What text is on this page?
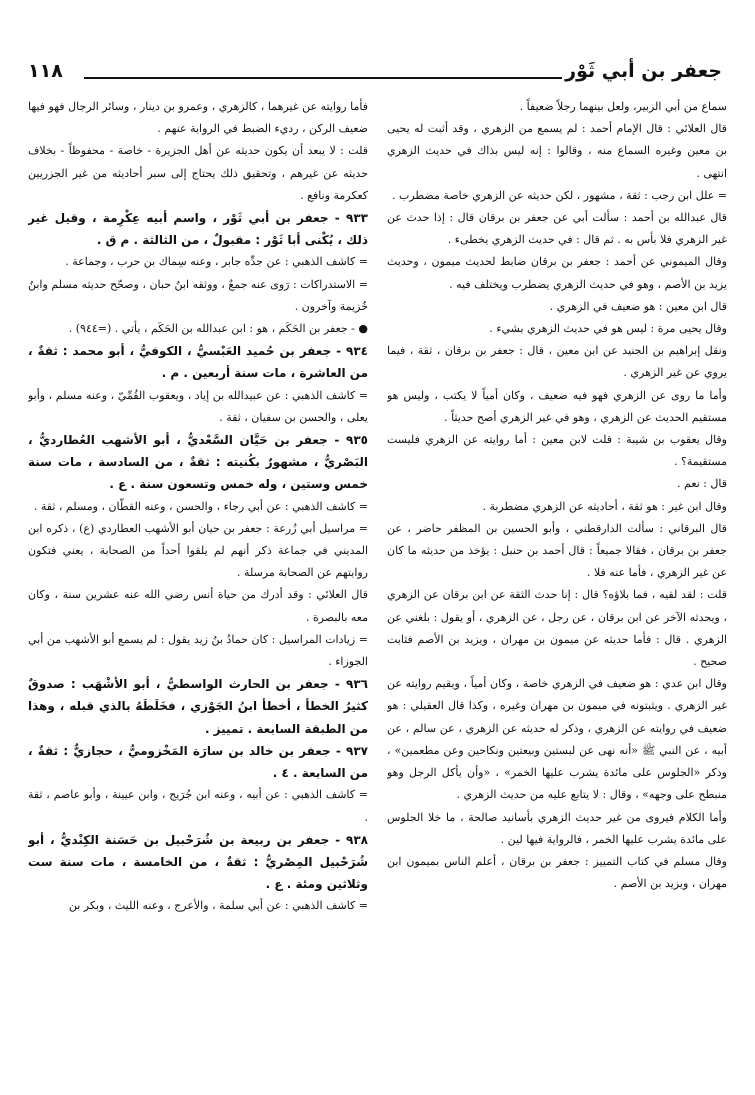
١١٨	جعفر بن أبي ثَوْر

سماع من أبي الزبير، ولعل بينهما رجلاً ضعيفاً .

قال العلائي : قال الإمام أحمد : لم يسمع من الزهري ، وقد أثبت له يحيى بن معين وغيره السماع منه ، وقالوا : إنه ليس بذاك في حديث الزهري انتهى .

= علل ابن رجب : ثقة ، مشهور ، لكن حديثه عن الزهري خاصة مضطرب .

قال عبدالله بن أحمد : سألت أبي عن جعفر بن برقان قال : إذا حدث عن غير الزهري فلا بأس به . ثم قال : في حديث الزهري يخطىء .

وقال الميموني عن أحمد : جعفر بن برقان ضابط لحديث ميمون ، وحديث يزيد بن الأصم ، وهو في حديث الزهري يضطرب ويختلف فيه .

قال ابن معين : هو ضعيف في الزهري .

وقال يحيى مرة : ليس هو في حديث الزهري بشيء .

ونقل إبراهيم بن الجنيد عن ابن معين ، قال : جعفر بن برقان ، ثقة ، فيما يروي عن غير الزهري .

وأما ما روى عن الزهري فهو فيه ضعيف ، وكان أمياً لا يكتب ، وليس هو مستقيم الحديث عن الزهري ، وهو في غير الزهري أصح حديثاً .

وقال يعقوب بن شيبة : قلت لابن معين : أما روايته عن الزهري فليست مستقيمة؟ .

قال : نعم .

وقال ابن غير : هو ثقة ، أحاديثه عن الزهري مضطربة .

قال البرقاني : سألت الدارقطني ، وأبو الحسين بن المظفر حاضر ، عن جعفر بن برقان ، فقالا جميعاً : قال أحمد بن حنبل : يؤخذ من حديثه ما كان عن غير الزهري ، فأما عنه فلا .

قلت : لقد لقيه ، فما بلاؤه؟ قال : إنا حدث الثقة عن ابن برقان عن الزهري ، ويحدثه الآخر عن ابن برقان ، عن رجل ، عن الزهري ، أو يقول : بلغني عن الزهري . قال : فأما حديثه عن ميمون بن مهران ، ويزيد بن الأصم فثابت صحيح .

وقال ابن عدي : هو ضعيف في الزهري خاصة ، وكان أمياً ، ويقيم روايته عن غير الزهري . ويثبتونه في ميمون بن مهران وغيره ، وكذا قال العقيلي : هو ضعيف في روايته عن الزهري ، وذكر له حديثه عن الزهري ، عن سالم ، عن أبيه ، عن النبي ﷺ «أنه نهى عن لبستين وبيعتين ونكاحين وعن مطعمين» ، وذكر «الجلوس على مائدة يشرب عليها الخمر» ، «وأن يأكل الرجل وهو منبطح على وجهه» ، وقال : لا يتابع عليه من حديث الزهري .

وأما الكلام فيروى من غير حديث الزهري بأسانيد صالحة ، ما خلا الجلوس على مائدة يشرب عليها الخمر ، فالرواية فيها لين .

وقال مسلم في كتاب التمييز : جعفر بن برقان ، أعلم الناس بميمون ابن مهران ، ويزيد بن الأصم .

فأما روايته عن غيرهما ، كالزهري ، وعمرو بن دينار ، وسائر الرجال فهو فيها ضعيف الركن ، رديء الضبط في الرواية عنهم .

قلت : لا يبعد أن يكون حديثه عن أهل الجزيرة - خاصة - محفوظاً - بخلاف حديثه عن غيرهم ، وتحقيق ذلك يحتاج إلى سبر أحاديثه من غير الجزريين كعكرمة ونافع .

٩٣٣ - جعفر بن أبي ثَوْر ، واسم أبيه عِكْرِمة ، وقيل غير ذلك ، يُكْنى أبا ثَوْر : مقبولٌ ، من الثالثة . م ق .

= كاشف الذهبي : عن جدِّه جابر ، وعنه سِماك بن حرب ، وجماعة .

= الاستدراكات : رَوى عنه جمعٌ ، ووثقه ابنُ حبان ، وصحّح حديثه مسلم وابنُ خُزيمة وآخرون .

● - جعفر بن الحَكَم ، هو : ابن عبدالله بن الحَكَم ، يأتي . (=٩٤٤) .

٩٣٤ - جعفر بن حُميد العَبْسيُّ ، الكوفيُّ ، أبو محمد : ثقةٌ ، من العاشرة ، مات سنة أربعين . م .

= كاشف الذهبي : عن عبيدالله بن إياد ، ويعقوب القُمِّيّ ، وعنه مسلم ، وأبو يعلى ، والحسن بن سفيان ، ثقة .

٩٣٥ - جعفر بن حَيَّان السَّعْديُّ ، أبو الأشهب العُطارديُّ ، البَصْريُّ ، مشهورٌ بكُنيته : ثقةٌ ، من السادسة ، مات سنة خمس وستين ، وله خمس وتسعون سنة . ع .

= كاشف الذهبي : عن أبي رجاء ، والحسن ، وعنه القطّان ، ومسلم ، ثقة .

= مراسيل أبي زُرعة : جعفر بن حيان أبو الأشهب العطاردي (ع) ، ذكره ابن المديني في جماعة ذكر أنهم لم يلقوا أحداً من الصحابة ، يعني فتكون روايتهم عن الصحابة مرسلة .

قال العلائي : وقد أدرك من حياة أنس رضي الله عنه عشرين سنة ، وكان معه بالبصرة .

= زيادات المراسيل : كان حمادُ بنُ زيد يقول : لم يسمع أبو الأشهب من أبي الجوزاء .

٩٣٦ - جعفر بن الحارث الواسطيُّ ، أبو الأشْهَب : صدوقٌ كثيرُ الخطأ ، أخطأ ابنُ الجَوْزي ، فخَلَطَهُ بالذي قبله ، وهذا من الطبقة السابعة . تمييز .

٩٣٧ - جعفر بن خالد بن سارَة المَخْزوميُّ ، حجازيٌّ : ثقةٌ ، من السابعة . ٤ .

= كاشف الذهبي : عن أبيه ، وعنه ابن جُرَيج ، وابن عيينة ، وأبو عاصم ، ثقة .

٩٣٨ - جعفر بن ربيعة بن شُرَحْبيل بن حَسَنة الكِنْديُّ ، أبو شُرَحْبيل المِصْريُّ : ثقةٌ ، من الخامسة ، مات سنة ست وثلاثين ومئة . ع .

= كاشف الذهبي : عن أبي سلمة ، والأعرج ، وعنه الليث ، وبكر بن
